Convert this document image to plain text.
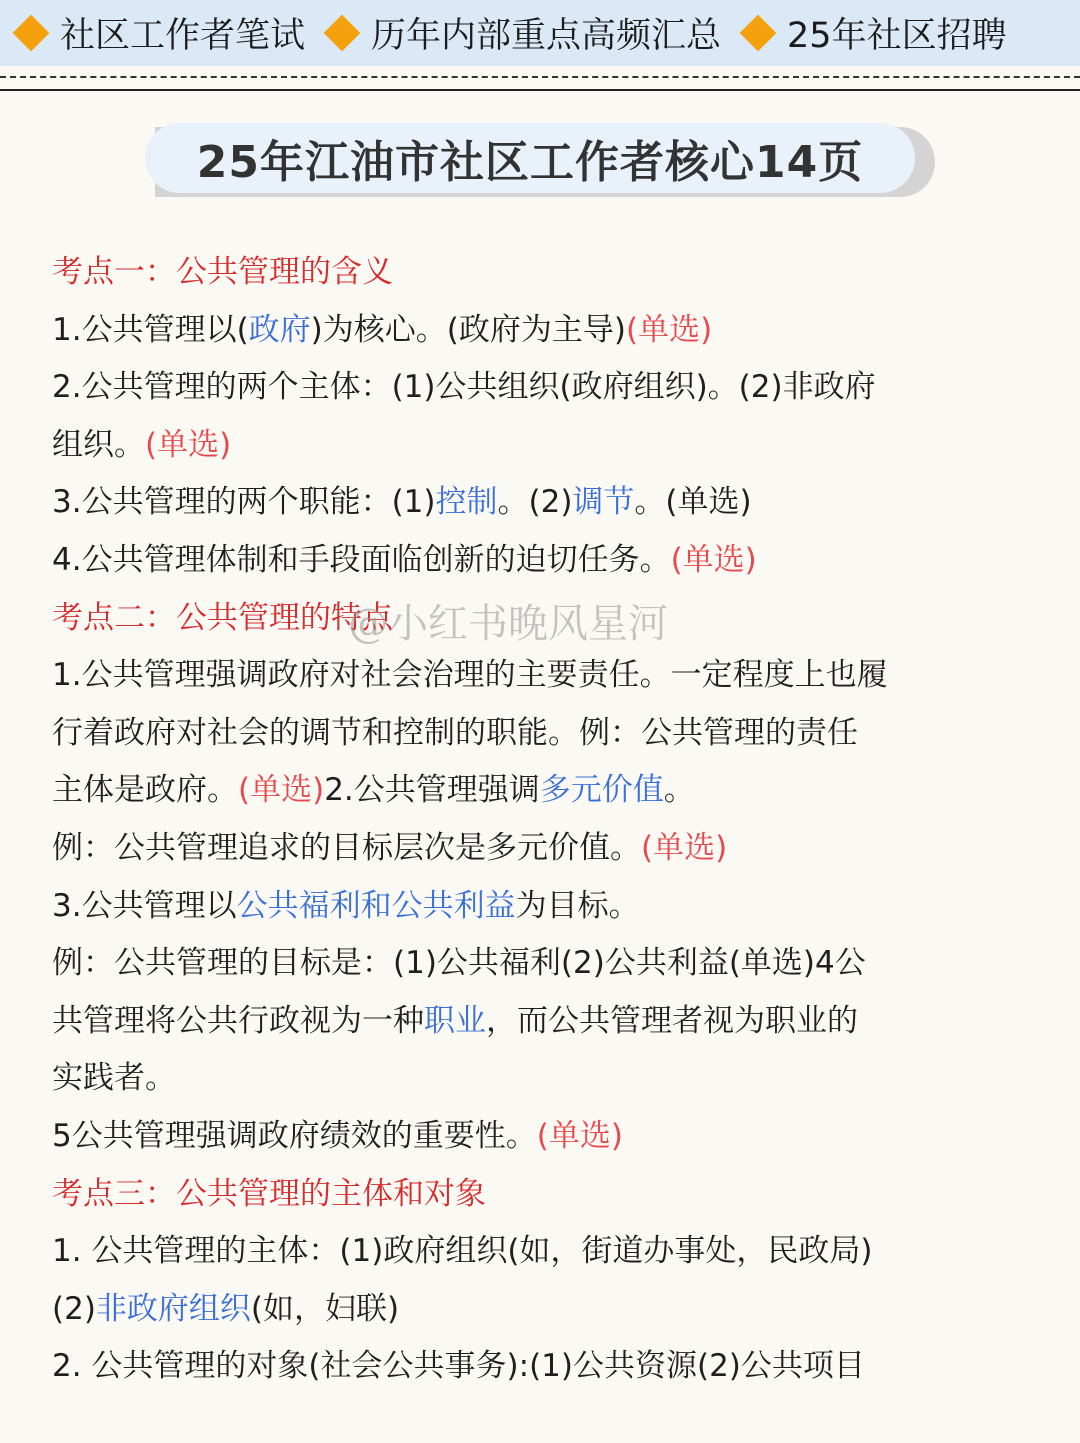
社区工作者笔试 历年内部重点高频汇总 25年社区招聘
25年江油市社区工作者核心14页

考点一：公共管理的含义

1.公共管理以(政府)为核心。(政府为主导)(单选)

2.公共管理的两个主体：(1)公共组织(政府组织)。(2)非政府

组织。(单选)

3.公共管理的两个职能：(1)控制。(2)调节。(单选)

4.公共管理体制和手段面临创新的迫切任务。(单选)

考点二：公共管理的特点

1.公共管理强调政府对社会治理的主要责任。一定程度上也履

行着政府对社会的调节和控制的职能。例：公共管理的责任

主体是政府。(单选)2.公共管理强调多元价值。

例：公共管理追求的目标层次是多元价值。(单选)

3.公共管理以公共福利和公共利益为目标。

例：公共管理的目标是：(1)公共福利(2)公共利益(单选)4公

共管理将公共行政视为一种职业，而公共管理者视为职业的

实践者。

5公共管理强调政府绩效的重要性。(单选)

考点三：公共管理的主体和对象

1. 公共管理的主体：(1)政府组织(如，街道办事处，民政局)

(2)非政府组织(如，妇联)

2. 公共管理的对象(社会公共事务):(1)公共资源(2)公共项目

@小红书晚风星河
